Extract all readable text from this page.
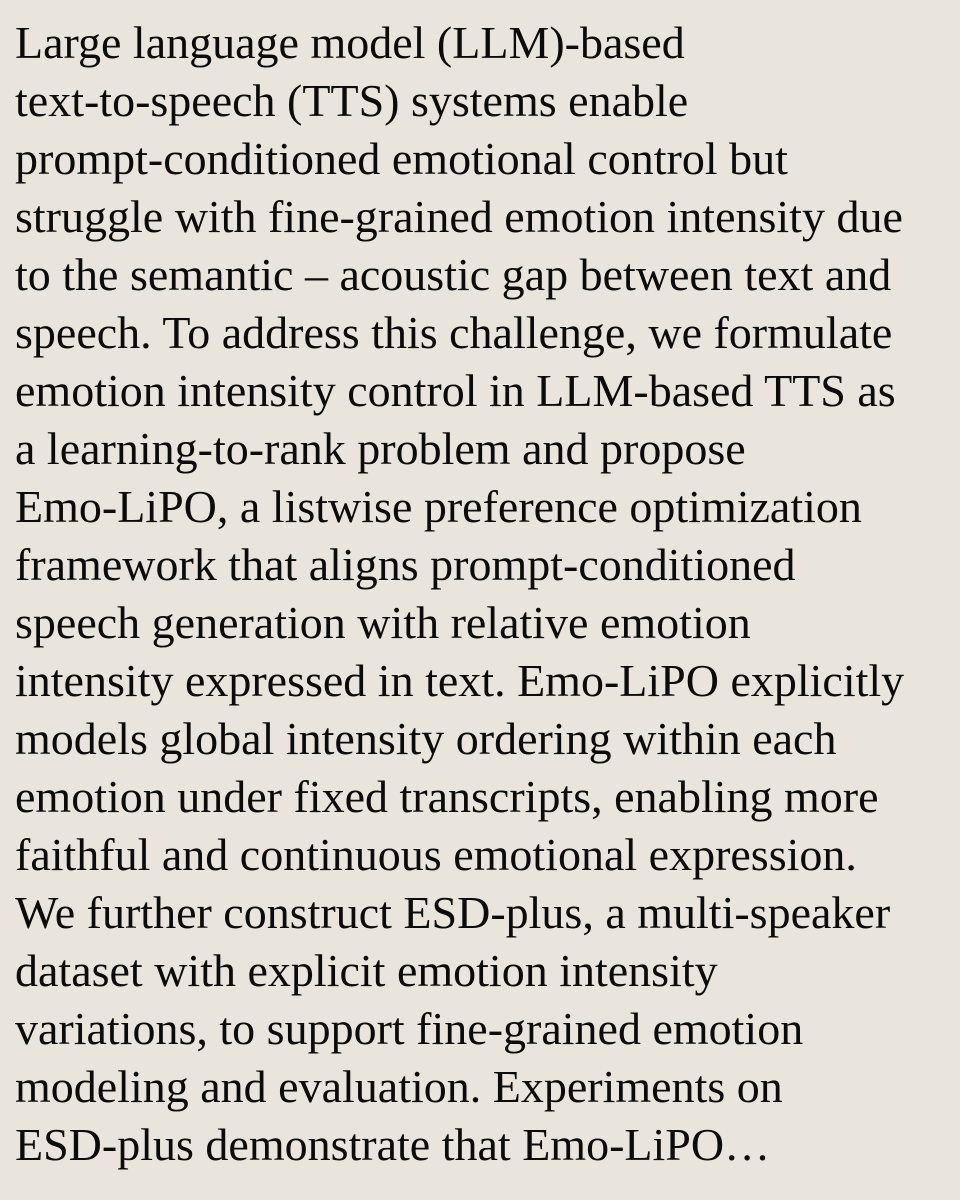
Large language model (LLM)-based
text-to-speech (TTS) systems enable
prompt-conditioned emotional control but
struggle with fine-grained emotion intensity due
to the semantic – acoustic gap between text and
speech. To address this challenge, we formulate
emotion intensity control in LLM-based TTS as
a learning-to-rank problem and propose
Emo-LiPO, a listwise preference optimization
framework that aligns prompt-conditioned
speech generation with relative emotion
intensity expressed in text. Emo-LiPO explicitly
models global intensity ordering within each
emotion under fixed transcripts, enabling more
faithful and continuous emotional expression.
We further construct ESD-plus, a multi-speaker
dataset with explicit emotion intensity
variations, to support fine-grained emotion
modeling and evaluation. Experiments on
ESD-plus demonstrate that Emo-LiPO…
